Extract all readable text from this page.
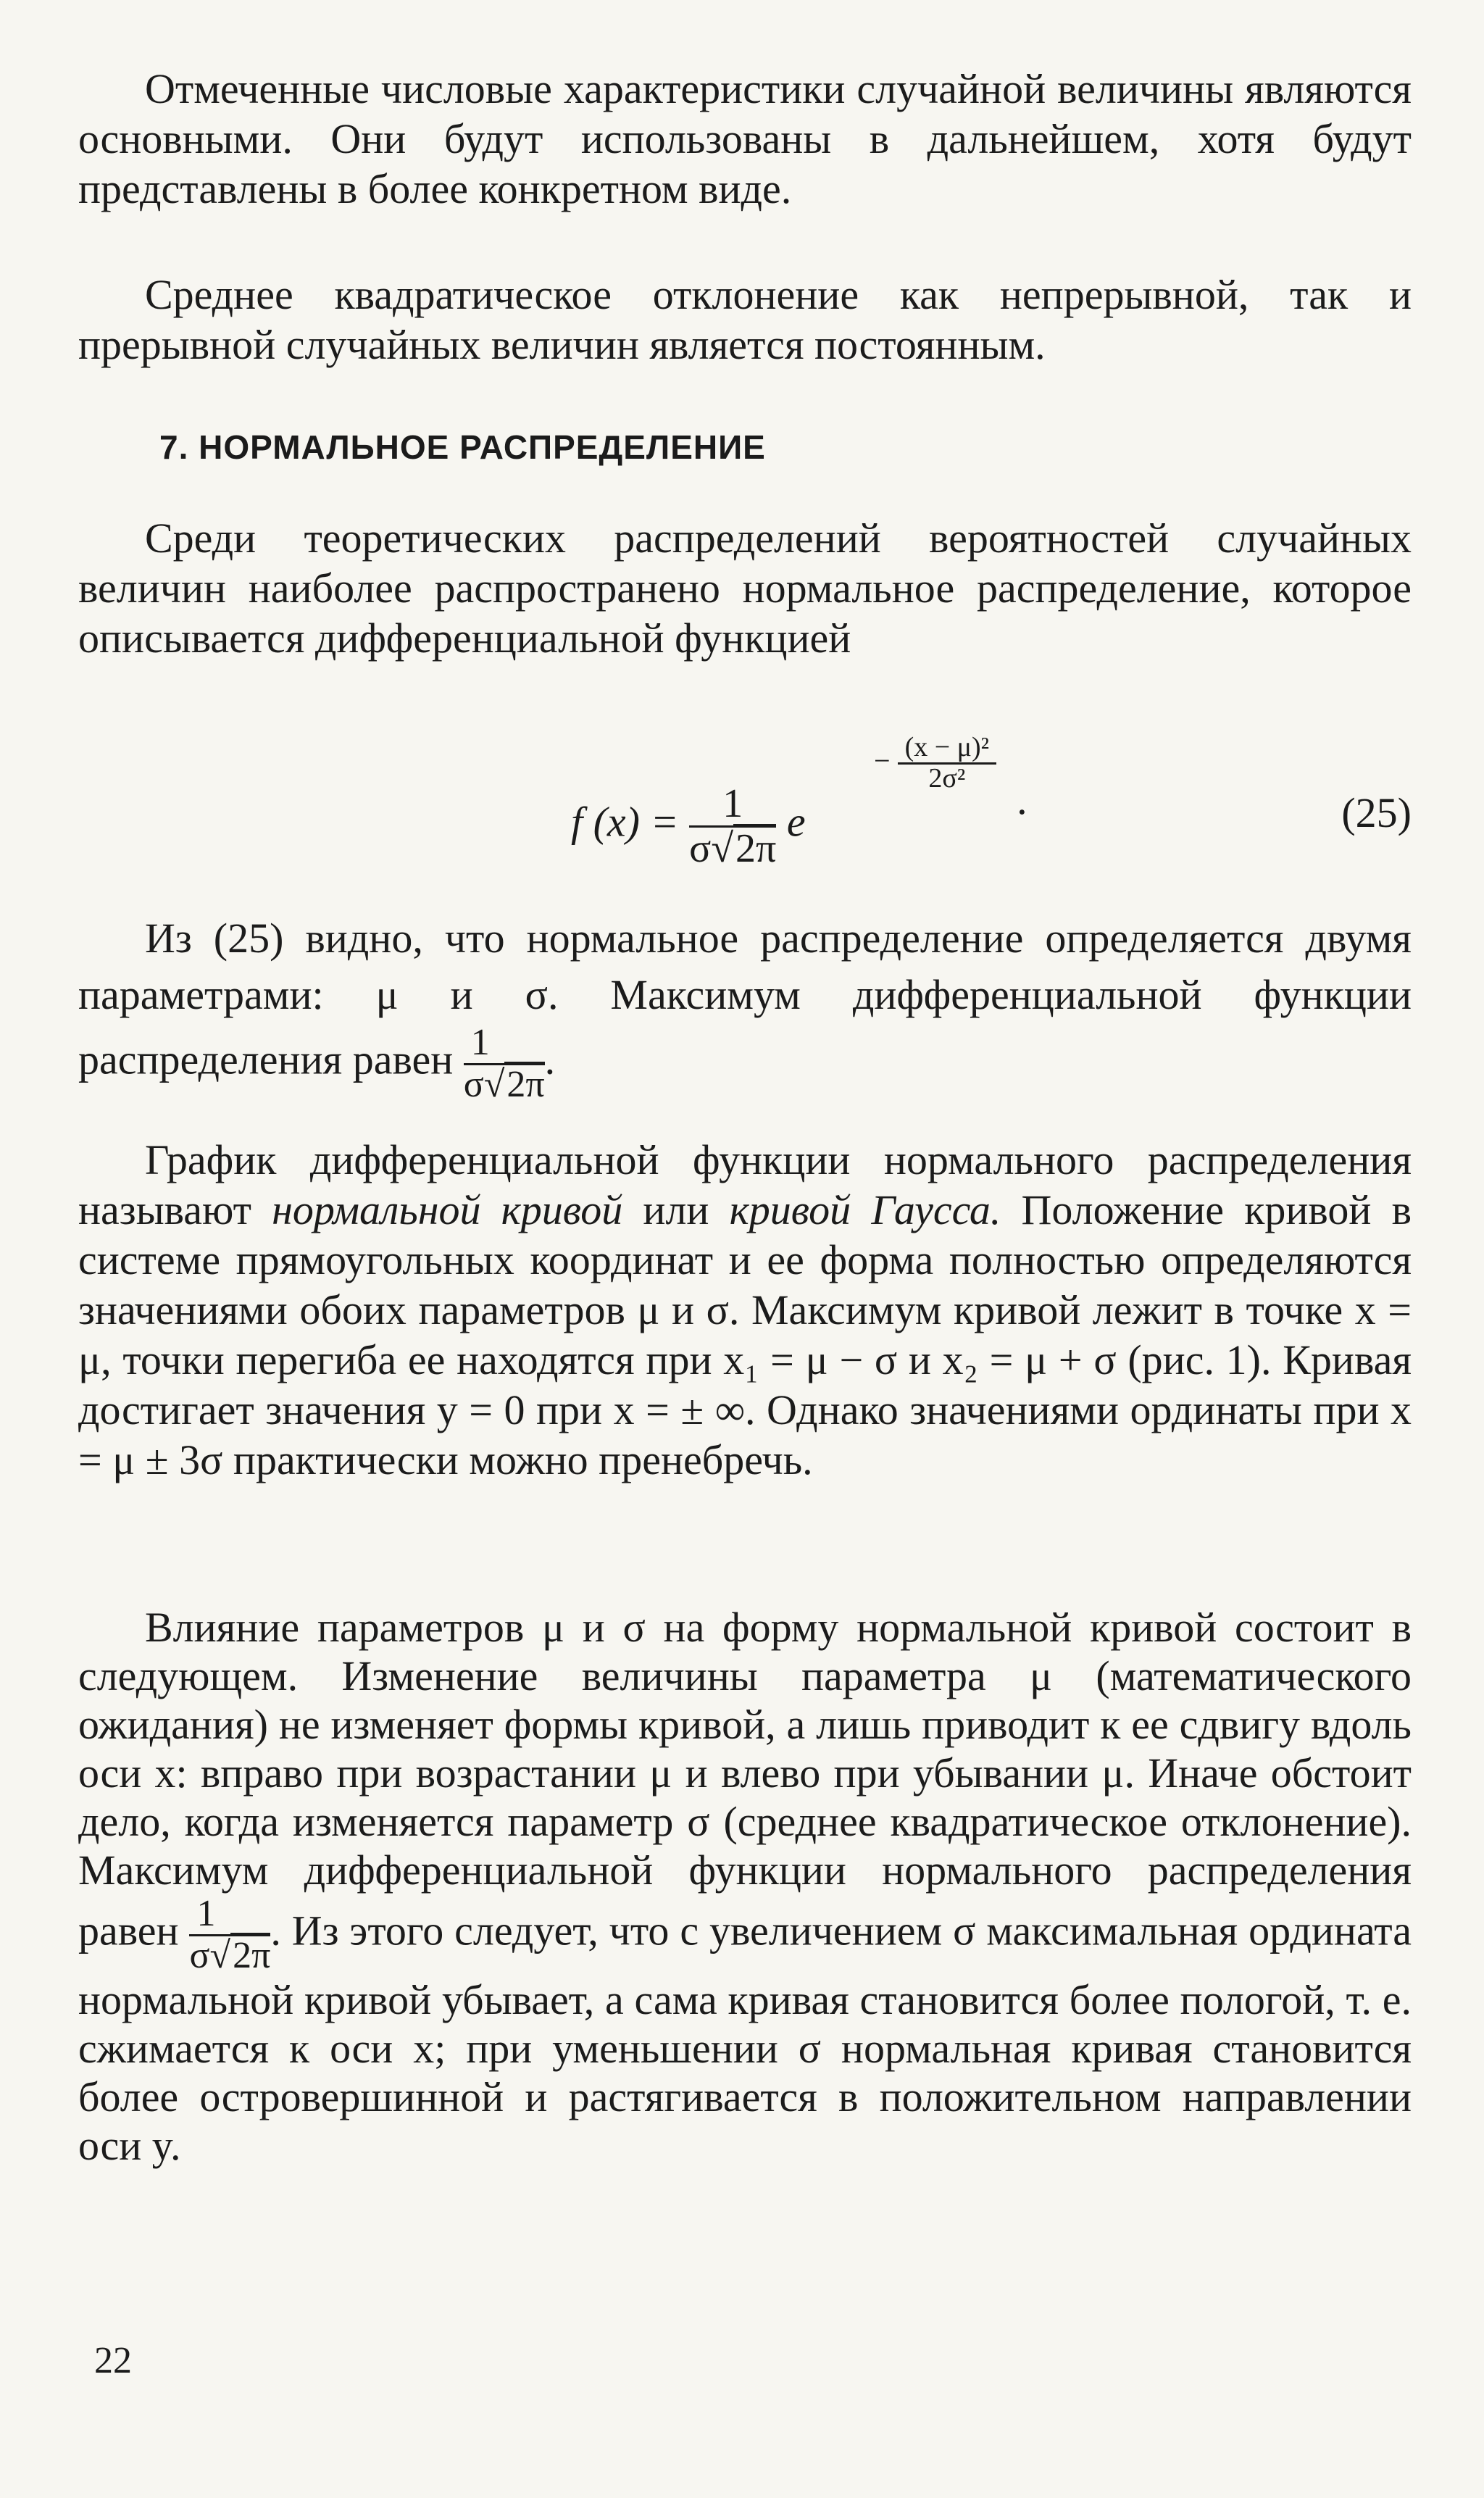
Отмеченные числовые характеристики случайной величины являются основными. Они будут использованы в дальнейшем, хотя будут представлены в более конкретном виде.

Среднее квадратическое отклонение как непрерывной, так и прерывной случайных величин является постоянным.

7. НОРМАЛЬНОЕ РАСПРЕДЕЛЕНИЕ

Среди теоретических распределений вероятностей случайных величин наиболее распространено нормальное распределение, которое описывается дифференциальной функцией

f $(x) = \frac{1}{\sigma√2\pi}$ e
− $\frac{\text{(x − μ)²}}{\text{2σ²}}$
.	(25)

Из (25) видно, что нормальное распределение определяется двумя параметрами: μ и σ. Максимум дифференциальной функции распределения равен $\frac{1}{\sigma√2\pi}$ .

График дифференциальной функции нормального распределения называют нормальной кривой или кривой Гаусса. Положение кривой в системе прямоугольных координат и ее форма полностью определяются значениями обоих параметров μ и σ. Максимум кривой лежит в точке x = μ, точки перегиба ее находятся при x₁ = μ − σ и x₂ = μ + σ (рис. 1). Кривая достигает значения y = 0 при x = ± ∞. Однако значениями ординаты при x = μ ± 3σ практически можно пренебречь.

Влияние параметров μ и σ на форму нормальной кривой состоит в следующем. Изменение величины параметра μ (математического ожидания) не изменяет формы кривой, а лишь приводит к ее сдвигу вдоль оси x: вправо при возрастании μ и влево при убывании μ. Иначе обстоит дело, когда изменяется параметр σ (среднее квадратическое отклонение). Максимум дифференциальной функции нормального распределения равен $\frac{1}{\sigma√2\pi}$ . Из этого следует, что с увеличением σ максимальная ордината нормальной кривой убывает, а сама кривая становится более пологой, т. е. сжимается к оси x; при уменьшении σ нормальная кривая становится более островершинной и растягивается в положительном направлении оси y.

22
